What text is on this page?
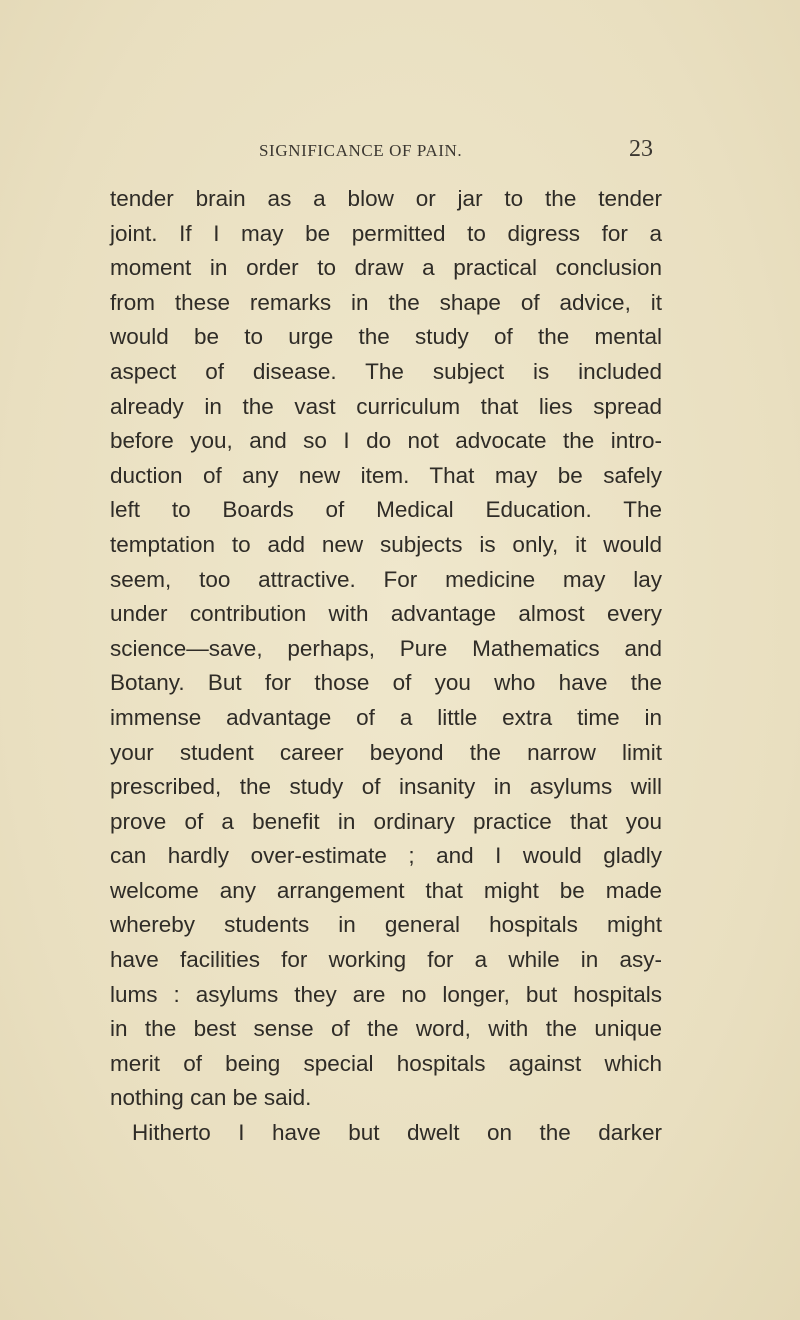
SIGNIFICANCE OF PAIN.	23
tender brain as a blow or jar to the tender
joint. If I may be permitted to digress for a
moment in order to draw a practical conclusion
from these remarks in the shape of advice, it
would be to urge the study of the mental
aspect of disease. The subject is included
already in the vast curriculum that lies spread
before you, and so I do not advocate the intro-
duction of any new item. That may be safely
left to Boards of Medical Education. The
temptation to add new subjects is only, it would
seem, too attractive. For medicine may lay
under contribution with advantage almost every
science—save, perhaps, Pure Mathematics and
Botany. But for those of you who have the
immense advantage of a little extra time in
your student career beyond the narrow limit
prescribed, the study of insanity in asylums will
prove of a benefit in ordinary practice that you
can hardly over-estimate ; and I would gladly
welcome any arrangement that might be made
whereby students in general hospitals might
have facilities for working for a while in asy-
lums : asylums they are no longer, but hospitals
in the best sense of the word, with the unique
merit of being special hospitals against which
nothing can be said.
Hitherto I have but dwelt on the darker
